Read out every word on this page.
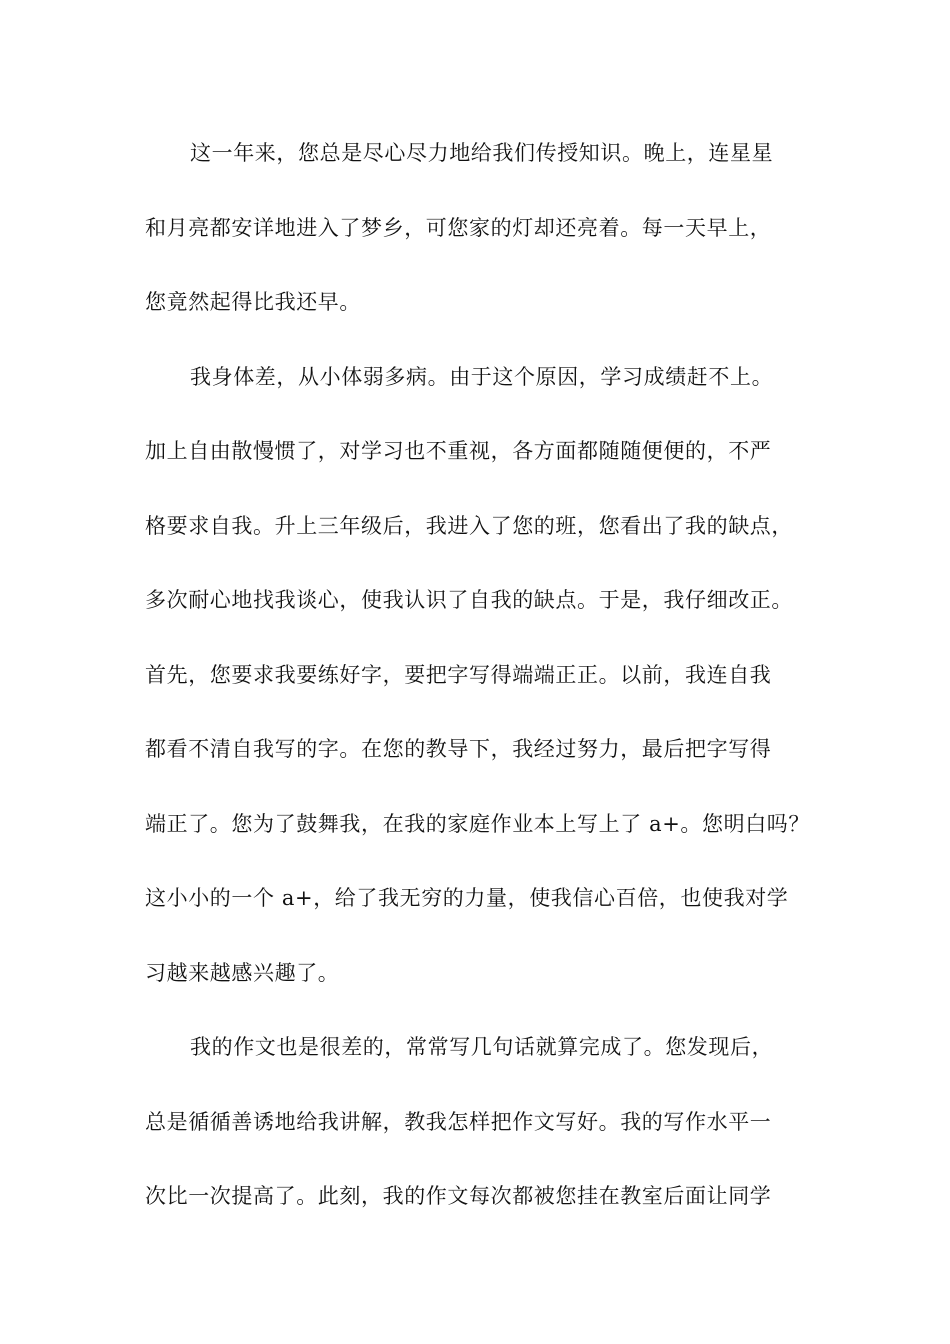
这一年来，您总是尽心尽力地给我们传授知识。晚上，连星星
和月亮都安详地进入了梦乡，可您家的灯却还亮着。每一天早上，
您竟然起得比我还早。
我身体差，从小体弱多病。由于这个原因，学习成绩赶不上。
加上自由散慢惯了，对学习也不重视，各方面都随随便便的，不严
格要求自我。升上三年级后，我进入了您的班，您看出了我的缺点，
多次耐心地找我谈心，使我认识了自我的缺点。于是，我仔细改正。
首先，您要求我要练好字，要把字写得端端正正。以前，我连自我
都看不清自我写的字。在您的教导下，我经过努力，最后把字写得
端正了。您为了鼓舞我，在我的家庭作业本上写上了 a+。您明白吗？
这小小的一个 a+，给了我无穷的力量，使我信心百倍，也使我对学
习越来越感兴趣了。
我的作文也是很差的，常常写几句话就算完成了。您发现后，
总是循循善诱地给我讲解，教我怎样把作文写好。我的写作水平一
次比一次提高了。此刻，我的作文每次都被您挂在教室后面让同学
